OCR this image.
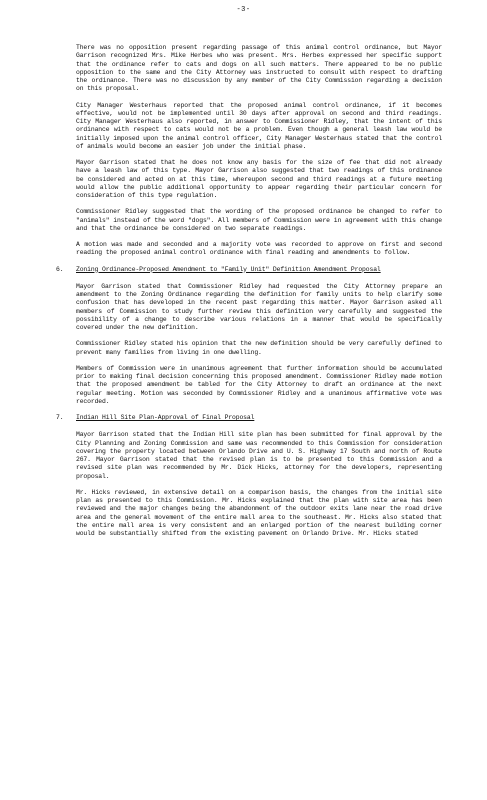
-3-

There was no opposition present regarding passage of this animal control ordinance, but Mayor Garrison recognized Mrs. Mike Herbes who was present. Mrs. Herbes expressed her specific support that the ordinance refer to cats and dogs on all such matters. There appeared to be no public opposition to the same and the City Attorney was instructed to consult with respect to drafting the ordinance. There was no discussion by any member of the City Commission regarding a decision on this proposal.

City Manager Westerhaus reported that the proposed animal control ordinance, if it becomes effective, would not be implemented until 30 days after approval on second and third readings. City Manager Westerhaus also reported, in answer to Commissioner Ridley, that the intent of this ordinance with respect to cats would not be a problem. Even though a general leash law would be initially imposed upon the animal control officer, City Manager Westerhaus stated that the control of animals would become an easier job under the initial phase.

Mayor Garrison stated that he does not know any basis for the size of fee that did not already have a leash law of this type. Mayor Garrison also suggested that two readings of this ordinance be considered and acted on at this time, whereupon second and third readings at a future meeting would allow the public additional opportunity to appear regarding their particular concern for consideration of this type regulation.

Commissioner Ridley suggested that the wording of the proposed ordinance be changed to refer to "animals" instead of the word "dogs". All members of Commission were in agreement with this change and that the ordinance be considered on two separate readings.

A motion was made and seconded and a majority vote was recorded to approve on first and second reading the proposed animal control ordinance with final reading and amendments to follow.

6. Zoning Ordinance-Proposed Amendment to "Family Unit" Definition Amendment Proposal

Mayor Garrison stated that Commissioner Ridley had requested the City Attorney prepare an amendment to the Zoning Ordinance regarding the definition for family units to help clarify some confusion that has developed in the recent past regarding this matter. Mayor Garrison asked all members of Commission to study further review this definition very carefully and suggested the possibility of a change to describe various relations in a manner that would be specifically covered under the new definition.

Commissioner Ridley stated his opinion that the new definition should be very carefully defined to prevent many families from living in one dwelling.

Members of Commission were in unanimous agreement that further information should be accumulated prior to making final decision concerning this proposed amendment. Commissioner Ridley made motion that the proposed amendment be tabled for the City Attorney to draft an ordinance at the next regular meeting. Motion was seconded by Commissioner Ridley and a unanimous affirmative vote was recorded.

7. Indian Hill Site Plan-Approval of Final Proposal

Mayor Garrison stated that the Indian Hill site plan has been submitted for final approval by the City Planning and Zoning Commission and same was recommended to this Commission for consideration covering the property located between Orlando Drive and U. S. Highway 17 South and north of Route 267. Mayor Garrison stated that the revised plan is to be presented to this Commission and a revised site plan was recommended by Mr. Dick Hicks, attorney for the developers, representing proposal.

Mr. Hicks reviewed, in extensive detail on a comparison basis, the changes from the initial site plan as presented to this Commission. Mr. Hicks explained that the plan with site area has been reviewed and the major changes being the abandonment of the outdoor exits lane near the road drive area and the general movement of the entire mall area to the southeast. Mr. Hicks also stated that the entire mall area is very consistent and an enlarged portion of the nearest building corner would be substantially shifted from the existing pavement on Orlando Drive. Mr. Hicks stated
